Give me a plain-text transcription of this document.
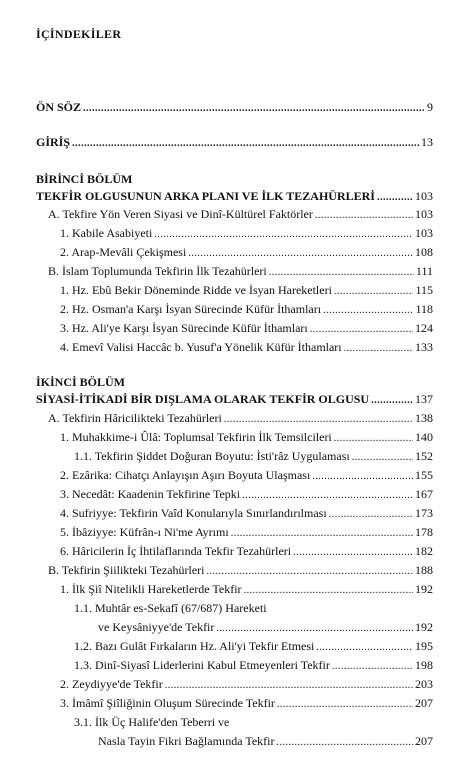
İÇİNDEKİLER
ÖN SÖZ .....	9
GİRİŞ .....	13
BİRİNCİ BÖLÜM
TEKFİR OLGUSUNUN ARKA PLANI VE İLK TEZAHÜRLERİ .....	103
A. Tekfire Yön Veren Siyasi ve Dinî-Kültürel Faktörler .....	103
1. Kabile Asabiyeti .....	103
2. Arap-Mevâli Çekişmesi .....	108
B. İslam Toplumunda Tekfirin İlk Tezahürleri .....	111
1. Hz. Ebû Bekir Döneminde Ridde ve İsyan Hareketleri .....	115
2. Hz. Osman'a Karşı İsyan Sürecinde Küfür İthamları .....	118
3. Hz. Ali'ye Karşı İsyan Sürecinde Küfür İthamları .....	124
4. Emevî Valisi Haccâc b. Yusuf'a Yönelik Küfür İthamları .....	133
İKİNCİ BÖLÜM
SİYASİ-İTİKADİ BİR DIŞLAMA OLARAK TEKFİR OLGUSU .....	137
A. Tekfirin Hâricilikteki Tezahürleri .....	138
1. Muhakkime-i Ûlâ: Toplumsal Tekfirin İlk Temsilcileri .....	140
1.1. Tekfirin Şiddet Doğuran Boyutu: İsti'râz Uygulaması .....	152
2. Ezârika: Cihatçı Anlayışın Aşırı Boyuta Ulaşması .....	155
3. Necedât: Kaadenin Tekfirine Tepki .....	167
4. Sufriyye: Tekfirin Vaîd Konularıyla Sınırlandırılması .....	173
5. İbâziyye: Küfrân-ı Ni'me Ayrımı .....	178
6. Hâricilerin İç İhtilaflarında Tekfir Tezahürleri .....	182
B. Tekfirin Şiilikteki Tezahürleri .....	188
1. İlk Şiî Nitelikli Hareketlerde Tekfir .....	192
1.1. Muhtâr es-Sekafî (67/687) Hareketi
ve Keysâniyye'de Tekfir .....	192
1.2. Bazı Gulât Fırkaların Hz. Ali'yi Tekfir Etmesi .....	195
1.3. Dinî-Siyasî Liderlerini Kabul Etmeyenleri Tekfir .....	198
2. Zeydiyye'de Tekfir .....	203
3. İmâmî Şiîliğinin Oluşum Sürecinde Tekfir .....	207
3.1. İlk Üç Halife'den Teberri ve
Nasla Tayin Fikri Bağlamında Tekfir .....	207
